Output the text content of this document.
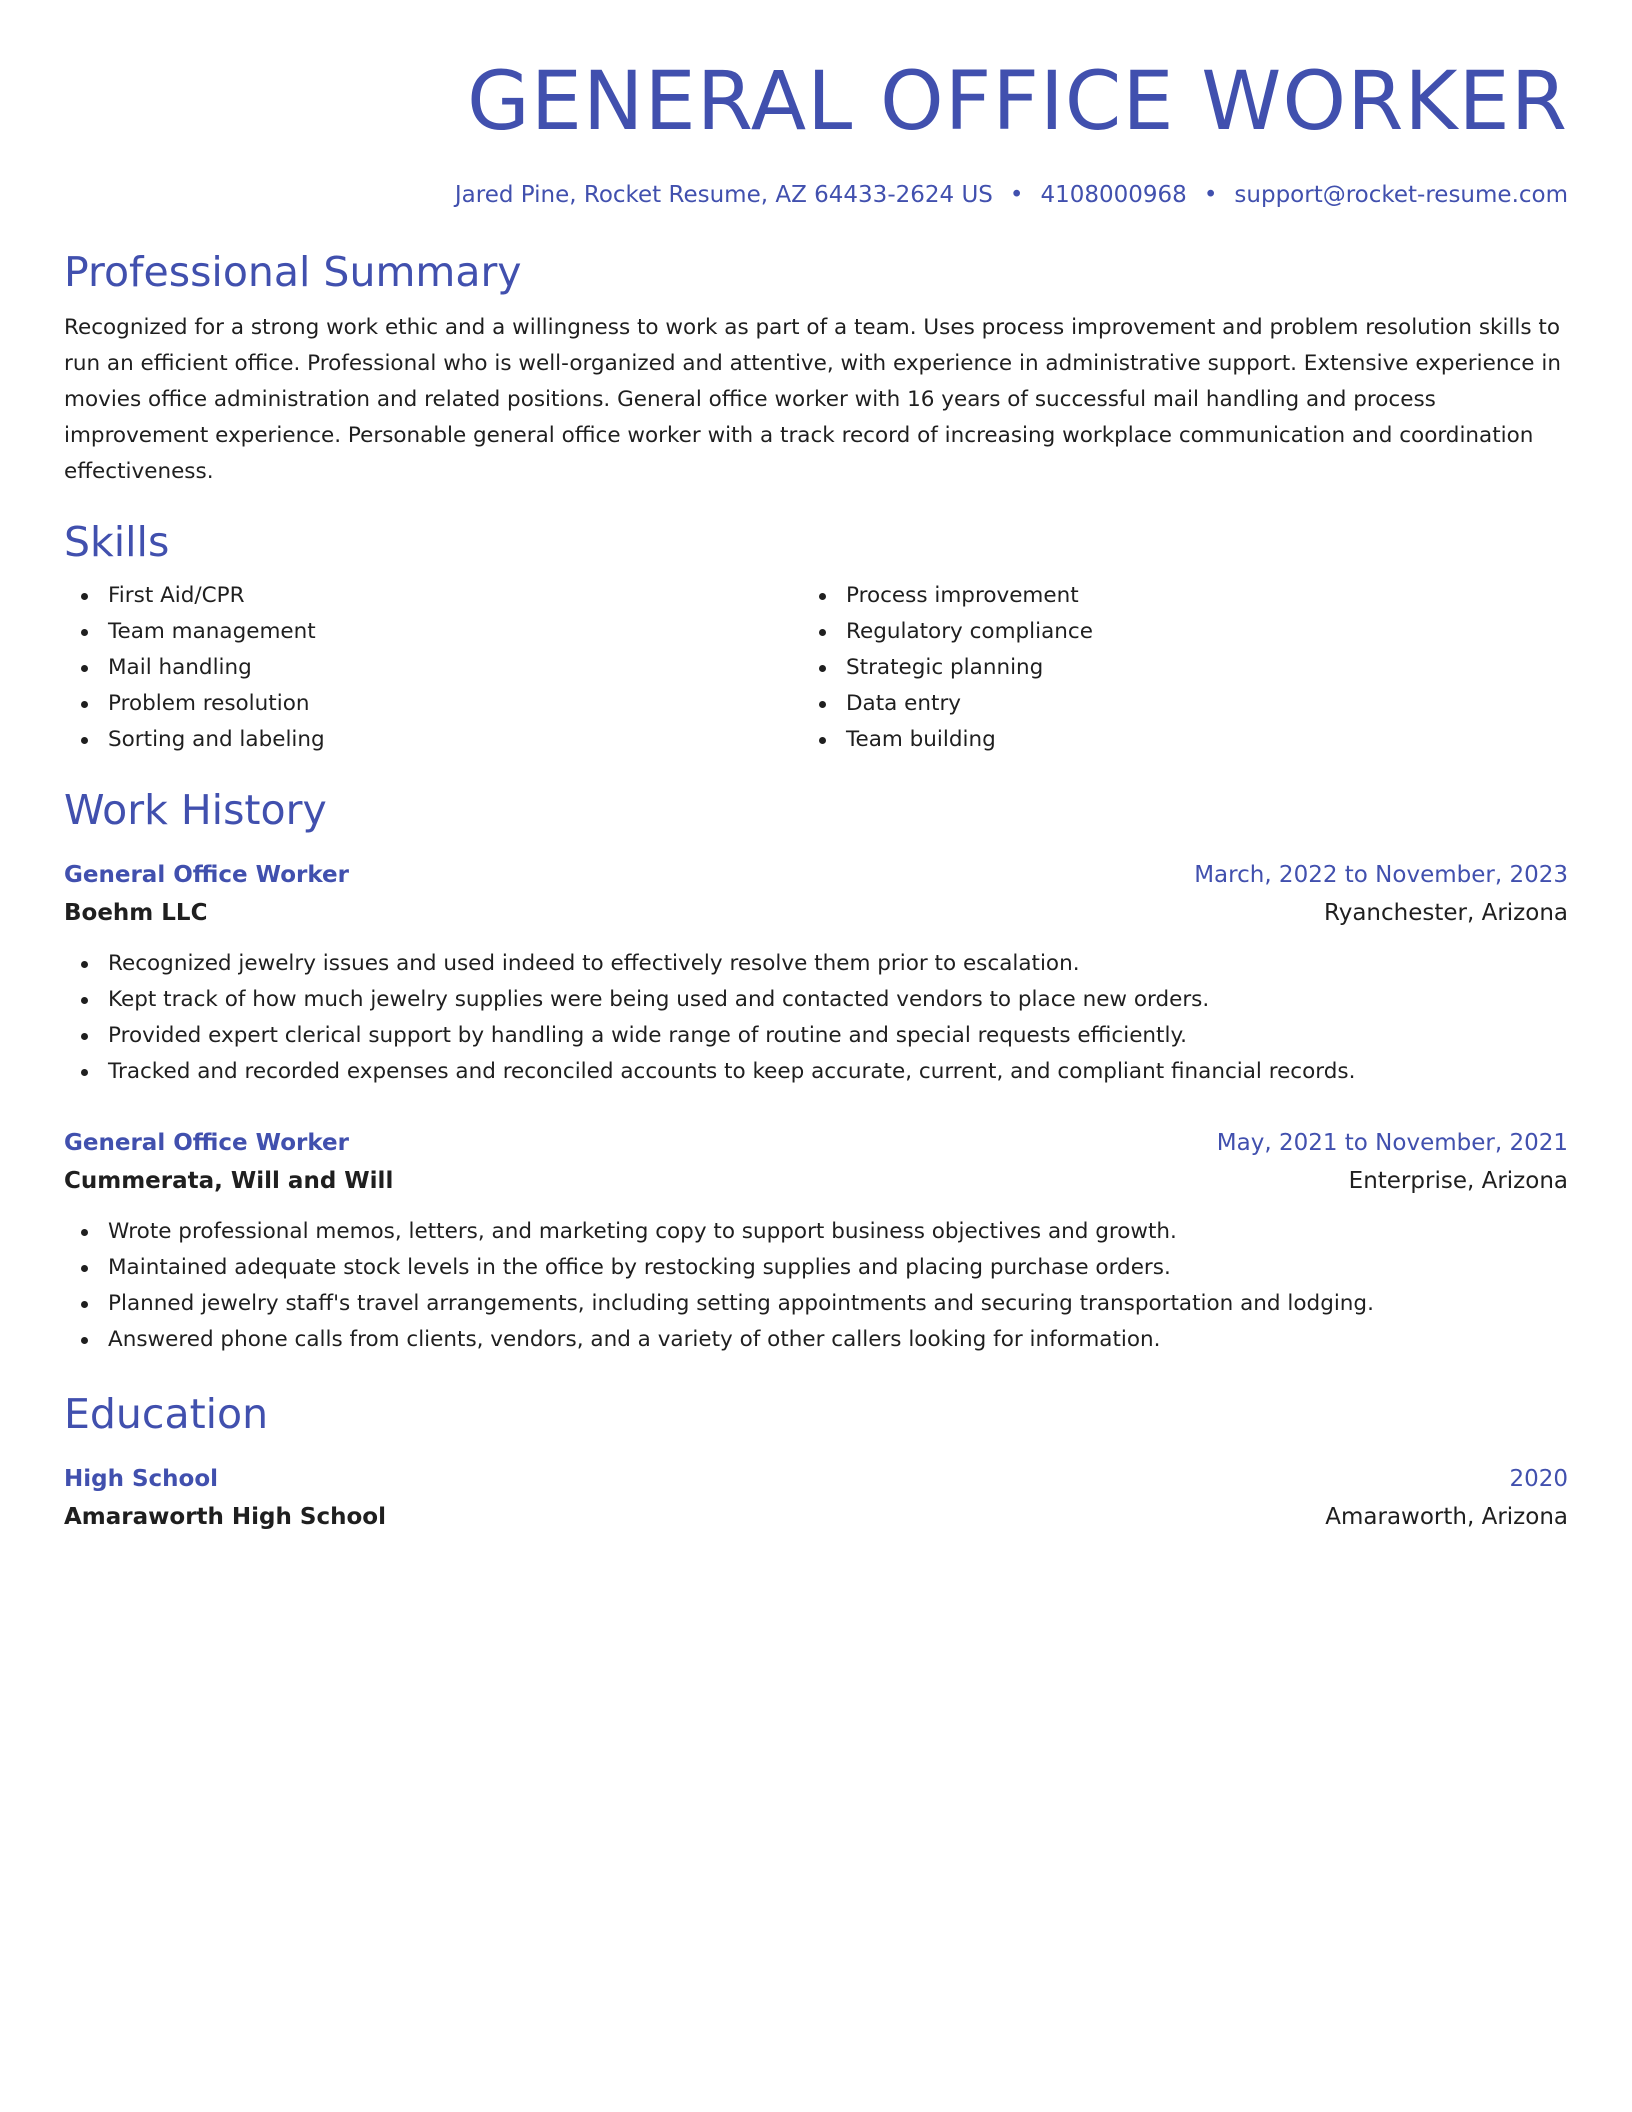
GENERAL OFFICE WORKER
Jared Pine, Rocket Resume, AZ 64433-2624 US • 4108000968 • support@rocket-resume.com
Professional Summary

Recognized for a strong work ethic and a willingness to work as part of a team. Uses process improvement and problem resolution skills to run an efficient office. Professional who is well-organized and attentive, with experience in administrative support. Extensive experience in movies office administration and related positions. General office worker with 16 years of successful mail handling and process improvement experience. Personable general office worker with a track record of increasing workplace communication and coordination effectiveness.

Skills
First Aid/CPR
Team management
Mail handling
Problem resolution
Sorting and labeling
Process improvement
Regulatory compliance
Strategic planning
Data entry
Team building
Work History
General Office Worker	March, 2022 to November, 2023
Boehm LLC	Ryanchester, Arizona
Recognized jewelry issues and used indeed to effectively resolve them prior to escalation.
Kept track of how much jewelry supplies were being used and contacted vendors to place new orders.
Provided expert clerical support by handling a wide range of routine and special requests efficiently.
Tracked and recorded expenses and reconciled accounts to keep accurate, current, and compliant financial records.
General Office Worker	May, 2021 to November, 2021
Cummerata, Will and Will	Enterprise, Arizona
Wrote professional memos, letters, and marketing copy to support business objectives and growth.
Maintained adequate stock levels in the office by restocking supplies and placing purchase orders.
Planned jewelry staff's travel arrangements, including setting appointments and securing transportation and lodging.
Answered phone calls from clients, vendors, and a variety of other callers looking for information.
Education
High School	2020
Amaraworth High School	Amaraworth, Arizona
